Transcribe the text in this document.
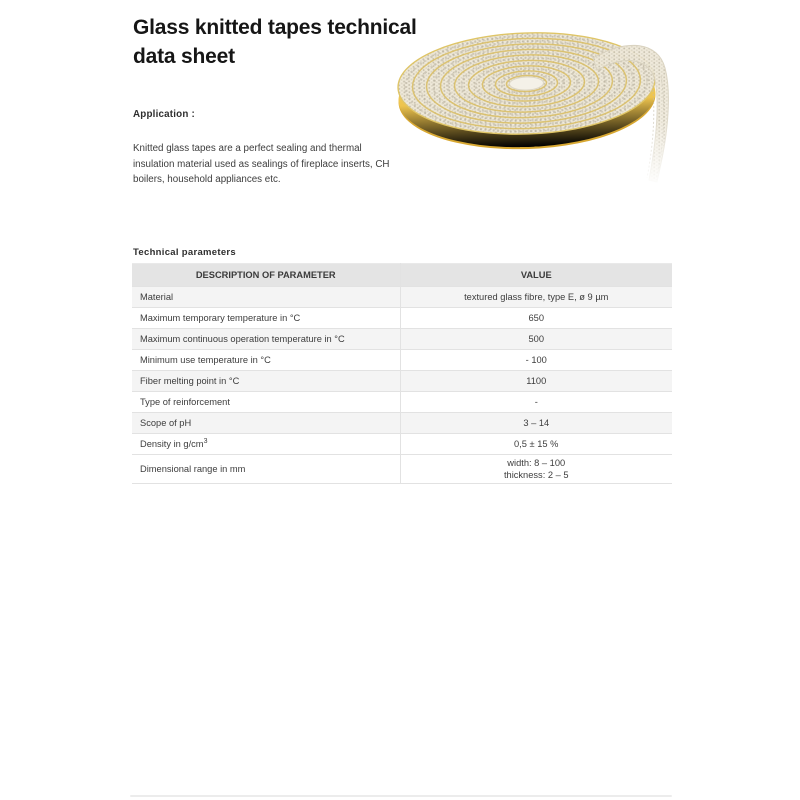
Glass knitted tapes technical
data sheet
Application :

Knitted glass tapes are a perfect sealing and thermal insulation material used as sealings of fireplace inserts, CH boilers, household appliances etc.

Technical parameters
DESCRIPTION OF PARAMETER	VALUE
Material	textured glass fibre, type E, ø 9 µm
Maximum temporary temperature in °C	650
Maximum continuous operation temperature in °C	500
Minimum use temperature in °C	- 100
Fiber melting point in °C	1100
Type of reinforcement	-
Scope of pH	3 – 14
Density in $g/cm^3$	0,5 ± 15 %
Dimensional range in mm	width: 8 – 100
thickness: 2 – 5
